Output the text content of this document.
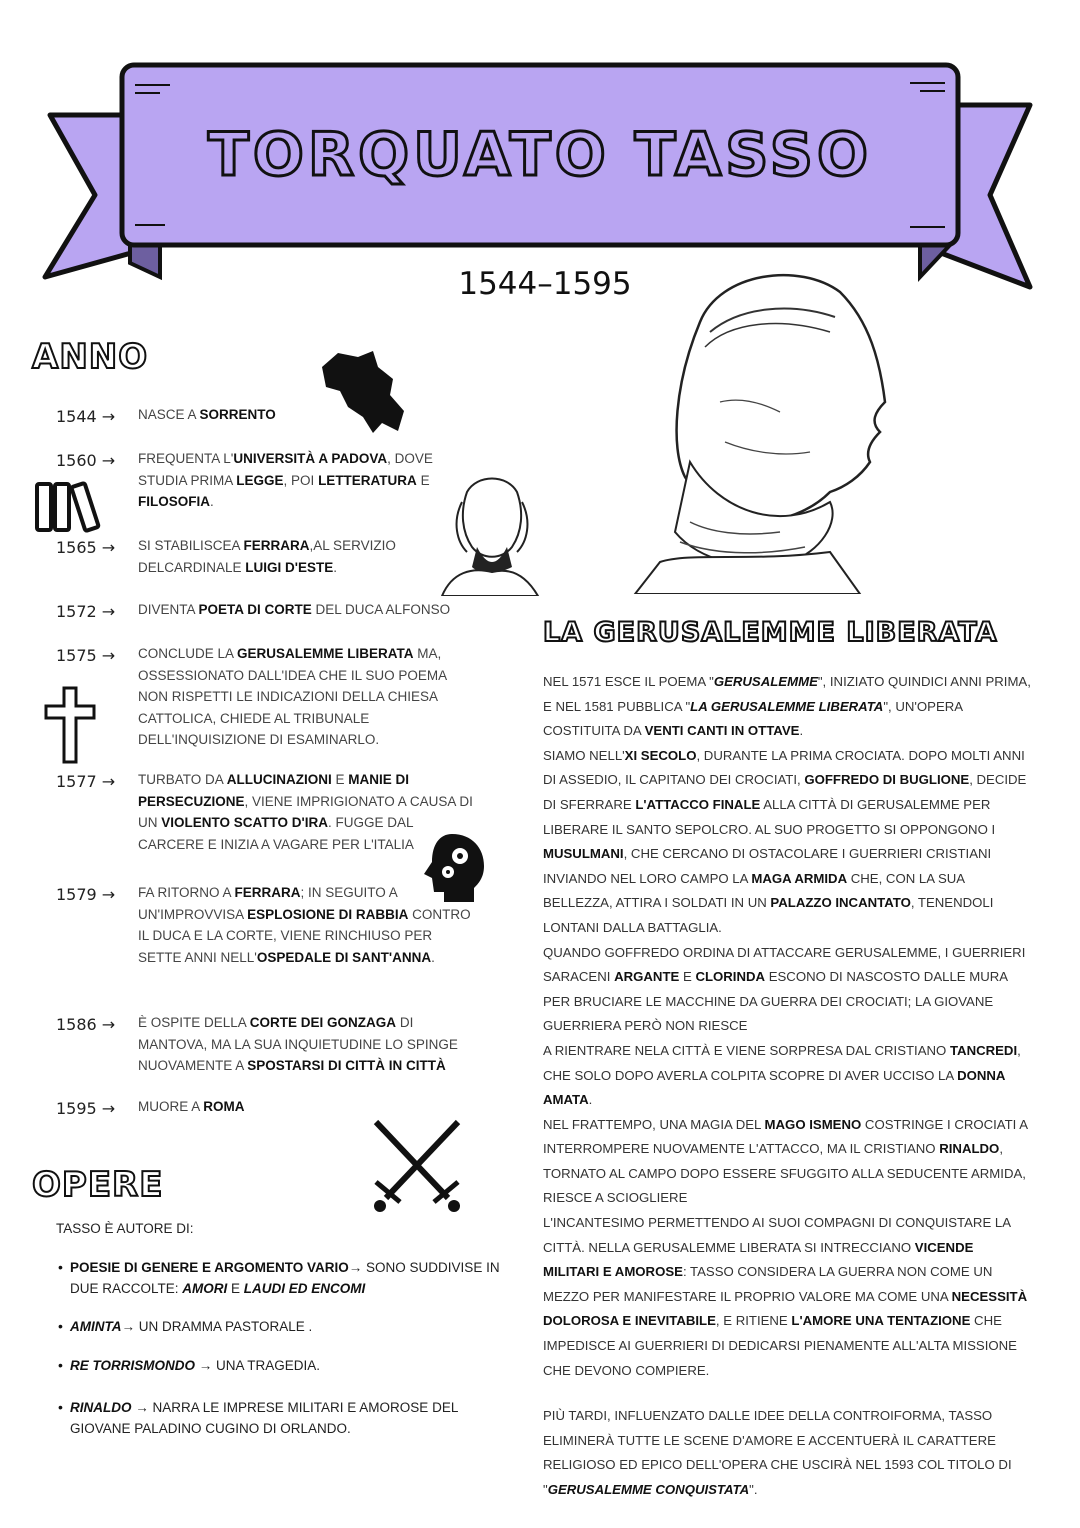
TORQUATO TASSO
1544–1595
ANNO
1544 →	NASCE A SORRENTO
1560 →	FREQUENTA L'UNIVERSITÀ A PADOVA, DOVE STUDIA PRIMA LEGGE, POI LETTERATURA E FILOSOFIA.
1565 →	SI STABILISCEA FERRARA,AL SERVIZIO DELCARDINALE LUIGI D'ESTE.
1572 →	DIVENTA POETA DI CORTE DEL DUCA ALFONSO
1575 →	CONCLUDE LA GERUSALEMME LIBERATA MA, OSSESSIONATO DALL'IDEA CHE IL SUO POEMA NON RISPETTI LE INDICAZIONI DELLA CHIESA CATTOLICA, CHIEDE AL TRIBUNALE DELL'INQUISIZIONE DI ESAMINARLO.
1577 →	TURBATO DA ALLUCINAZIONI E MANIE DI PERSECUZIONE, VIENE IMPRIGIONATO A CAUSA DI UN VIOLENTO SCATTO D'IRA. FUGGE DAL CARCERE E INIZIA A VAGARE PER L'ITALIA
1579 →	FA RITORNO A FERRARA; IN SEGUITO A UN'IMPROVVISA ESPLOSIONE DI RABBIA CONTRO IL DUCA E LA CORTE, VIENE RINCHIUSO PER SETTE ANNI NELL'OSPEDALE DI SANT'ANNA.
1586 →	È OSPITE DELLA CORTE DEI GONZAGA DI MANTOVA, MA LA SUA INQUIETUDINE LO SPINGE NUOVAMENTE A SPOSTARSI DI CITTÀ IN CITTÀ
1595 →	MUORE A ROMA
OPERE
TASSO È AUTORE DI:
• POESIE DI GENERE E ARGOMENTO VARIO→ SONO SUDDIVISE IN DUE RACCOLTE: AMORI E LAUDI ED ENCOMI
• AMINTA→ UN DRAMMA PASTORALE .
• RE TORRISMONDO → UNA TRAGEDIA.
• RINALDO → NARRA LE IMPRESE MILITARI E AMOROSE DEL GIOVANE PALADINO CUGINO DI ORLANDO.
LA GERUSALEMME LIBERATA

NEL 1571 ESCE IL POEMA "GERUSALEMME", INIZIATO QUINDICI ANNI PRIMA, E NEL 1581 PUBBLICA "LA GERUSALEMME LIBERATA", UN'OPERA COSTITUITA DA VENTI CANTI IN OTTAVE.
SIAMO NELL'XI SECOLO, DURANTE LA PRIMA CROCIATA. DOPO MOLTI ANNI DI ASSEDIO, IL CAPITANO DEI CROCIATI, GOFFREDO DI BUGLIONE, DECIDE DI SFERRARE L'ATTACCO FINALE ALLA CITTÀ DI GERUSALEMME PER LIBERARE IL SANTO SEPOLCRO. AL SUO PROGETTO SI OPPONGONO I MUSULMANI, CHE CERCANO DI OSTACOLARE I GUERRIERI CRISTIANI INVIANDO NEL LORO CAMPO LA MAGA ARMIDA CHE, CON LA SUA BELLEZZA, ATTIRA I SOLDATI IN UN PALAZZO INCANTATO, TENENDOLI LONTANI DALLA BATTAGLIA.
QUANDO GOFFREDO ORDINA DI ATTACCARE GERUSALEMME, I GUERRIERI SARACENI ARGANTE E CLORINDA ESCONO DI NASCOSTO DALLE MURA PER BRUCIARE LE MACCHINE DA GUERRA DEI CROCIATI; LA GIOVANE GUERRIERA PERÒ NON RIESCE
A RIENTRARE NELA CITTÀ E VIENE SORPRESA DAL CRISTIANO TANCREDI, CHE SOLO DOPO AVERLA COLPITA SCOPRE DI AVER UCCISO LA DONNA AMATA.
NEL FRATTEMPO, UNA MAGIA DEL MAGO ISMENO COSTRINGE I CROCIATI A INTERROMPERE NUOVAMENTE L'ATTACCO, MA IL CRISTIANO RINALDO, TORNATO AL CAMPO DOPO ESSERE SFUGGITO ALLA SEDUCENTE ARMIDA, RIESCE A SCIOGLIERE
L'INCANTESIMO PERMETTENDO AI SUOI COMPAGNI DI CONQUISTARE LA CITTÀ. NELLA GERUSALEMME LIBERATA SI INTRECCIANO VICENDE MILITARI E AMOROSE: TASSO CONSIDERA LA GUERRA NON COME UN MEZZO PER MANIFESTARE IL PROPRIO VALORE MA COME UNA NECESSITÀ DOLOROSA E INEVITABILE, E RITIENE L'AMORE UNA TENTAZIONE CHE IMPEDISCE AI GUERRIERI DI DEDICARSI PIENAMENTE ALL'ALTA MISSIONE CHE DEVONO COMPIERE.

PIÙ TARDI, INFLUENZATO DALLE IDEE DELLA CONTROIFORMA, TASSO ELIMINERÀ TUTTE LE SCENE D'AMORE E ACCENTUERÀ IL CARATTERE RELIGIOSO ED EPICO DELL'OPERA CHE USCIRÀ NEL 1593 COL TITOLO DI "GERUSALEMME CONQUISTATA".
